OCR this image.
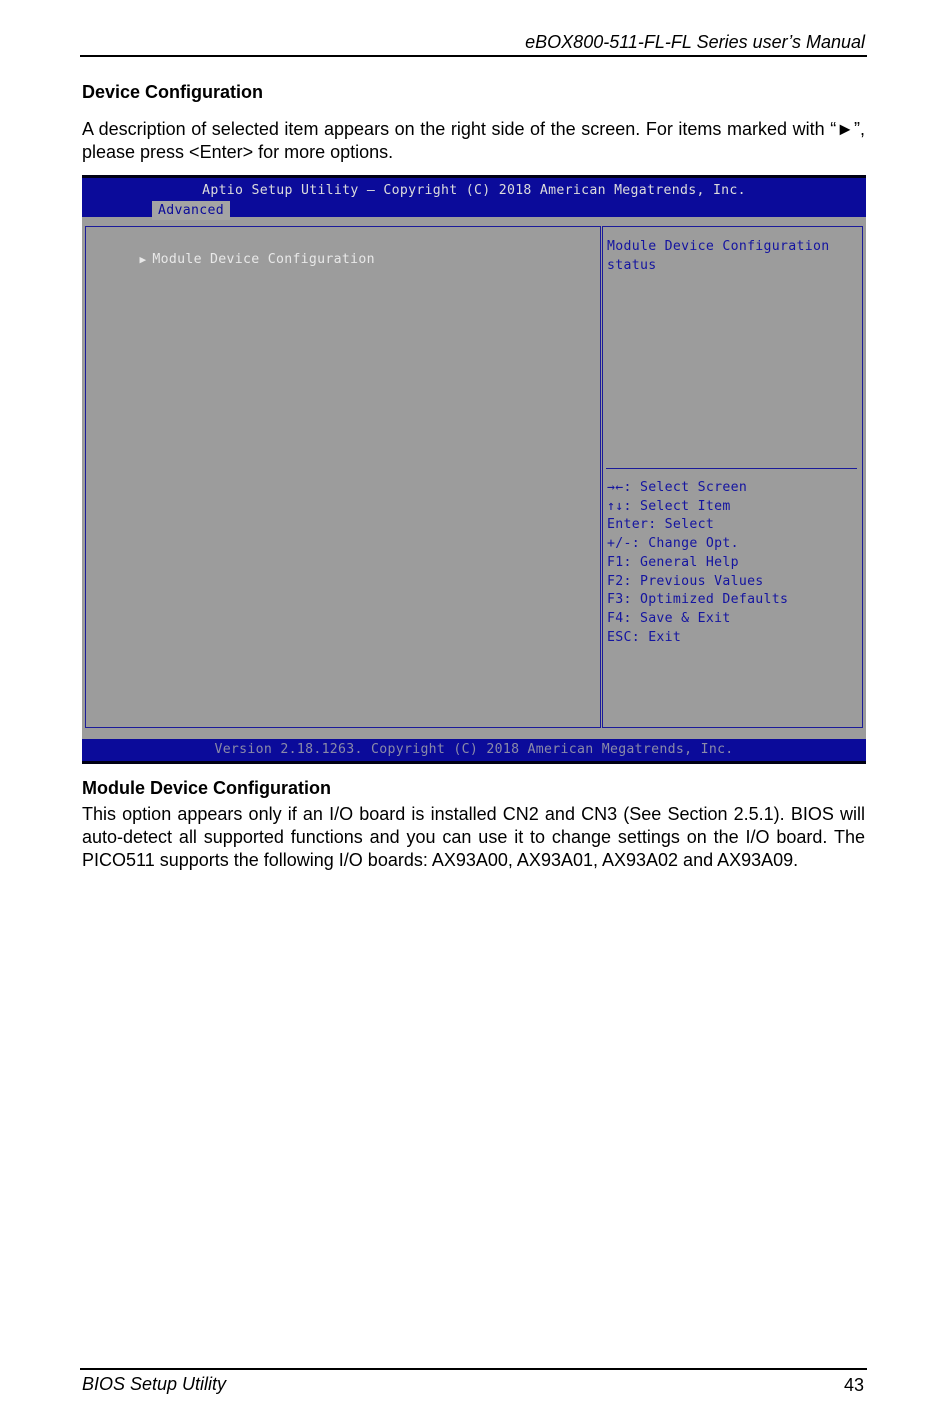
eBOX800-511-FL-FL Series user’s Manual
Device Configuration

A description of selected item appears on the right side of the screen. For items marked with “►”, please press <Enter> for more options.

Aptio Setup Utility – Copyright (C) 2018 American Megatrends, Inc.
Advanced

▶ Module Device Configuration

Module Device Configuration status
→←: Select Screen
↑↓: Select Item
Enter: Select
+/-: Change Opt.
F1: General Help
F2: Previous Values
F3: Optimized Defaults
F4: Save & Exit
ESC: Exit
Version 2.18.1263. Copyright (C) 2018 American Megatrends, Inc.
Module Device Configuration

This option appears only if an I/O board is installed CN2 and CN3 (See Section 2.5.1). BIOS will auto-detect all supported functions and you can use it to change settings on the I/O board. The PICO511 supports the following I/O boards: AX93A00, AX93A01, AX93A02 and AX93A09.

BIOS Setup Utility	43
